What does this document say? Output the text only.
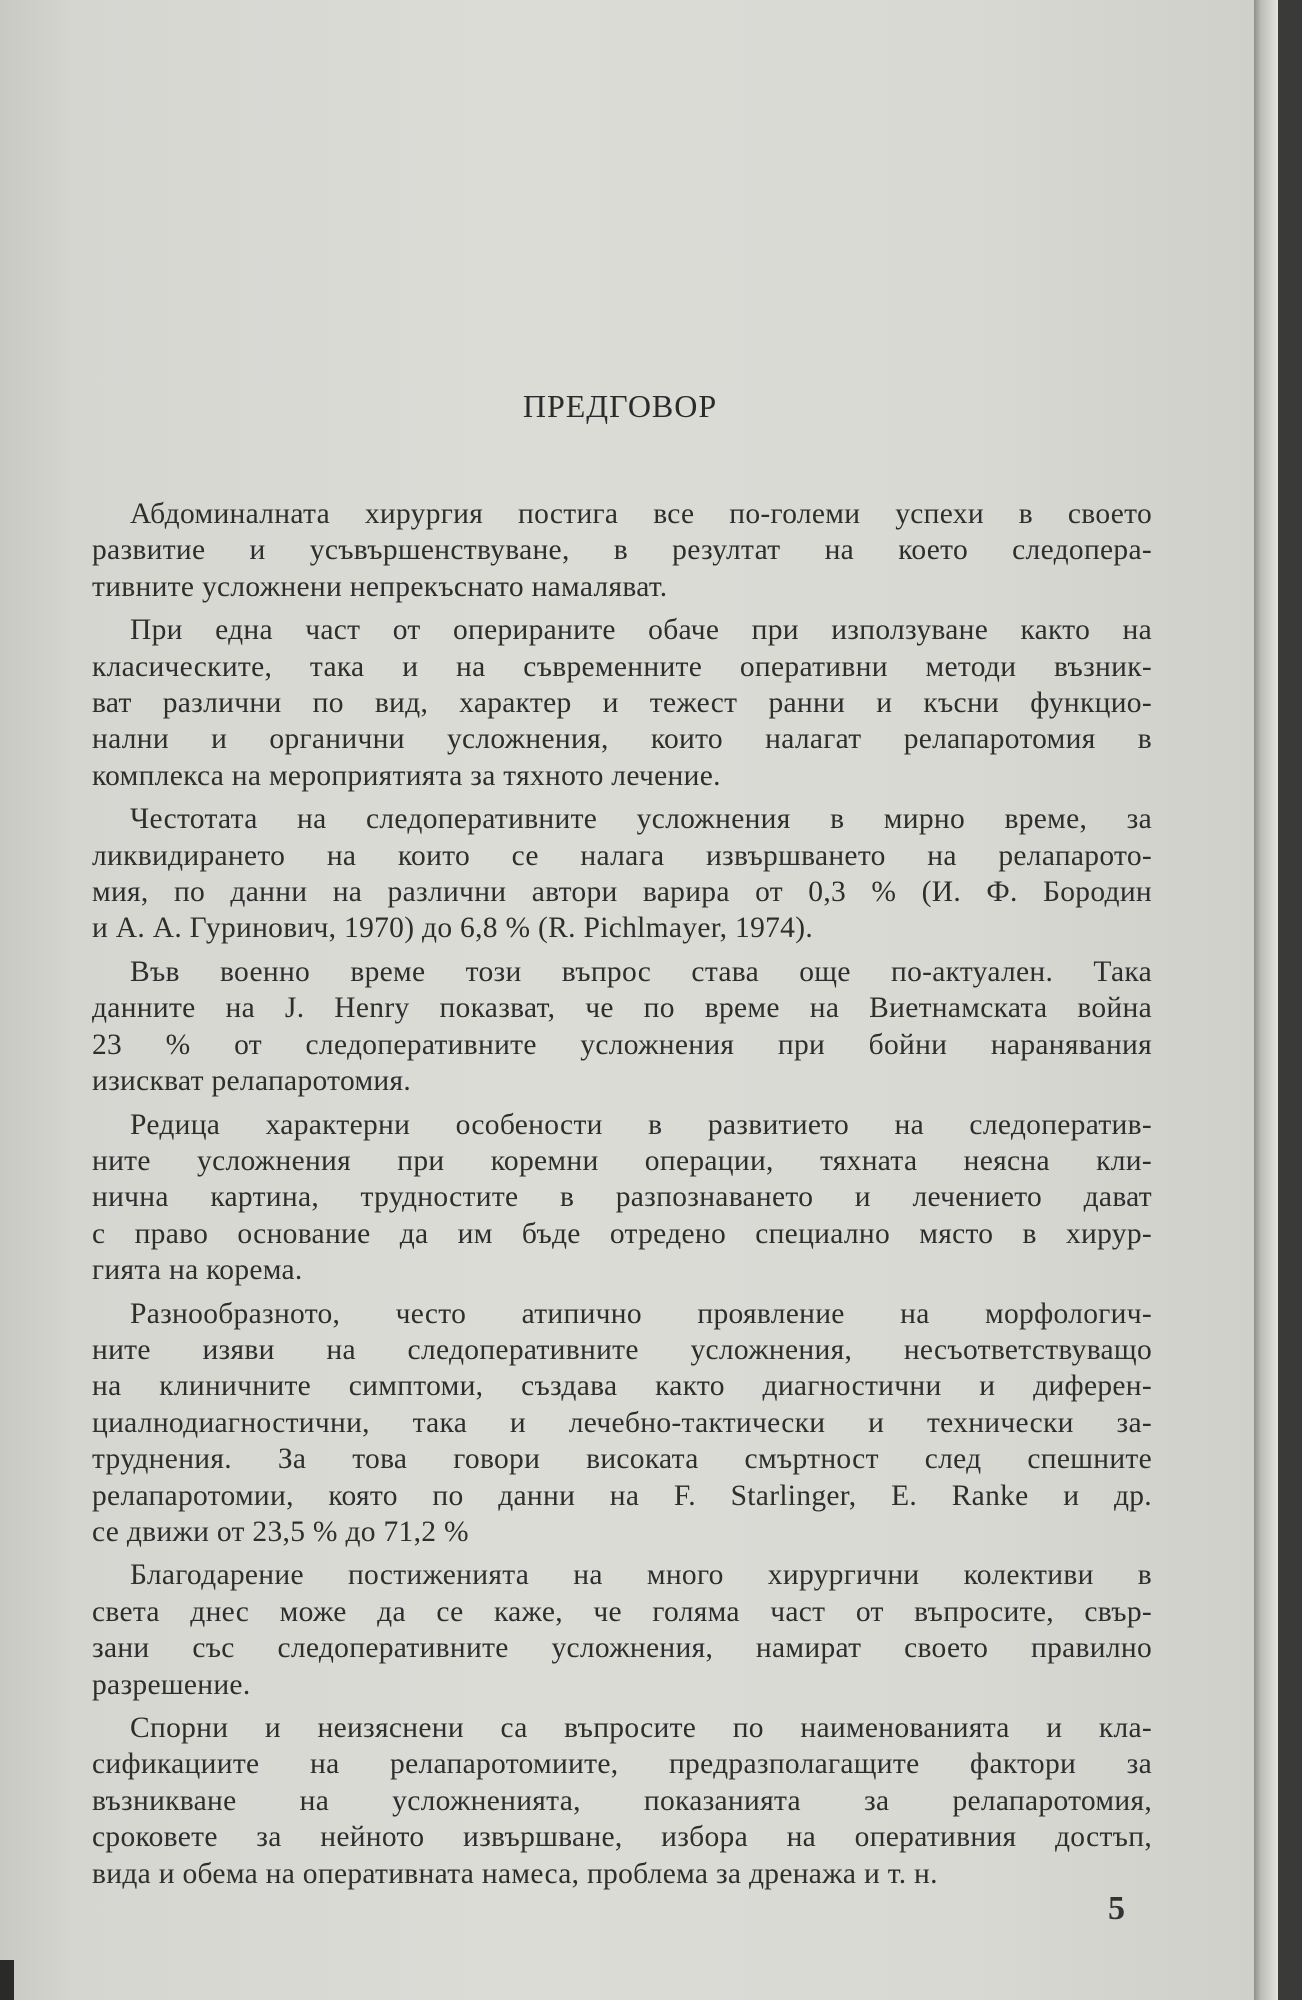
ПРЕДГОВОР
Абдоминалната хирургия постига все по-големи успехи в своето
развитие и усъвършенствуване, в резултат на което следопера-
тивните усложнени непрекъснато намаляват.
При една част от оперираните обаче при използуване както на
класическите, така и на съвременните оперативни методи възник-
ват различни по вид, характер и тежест ранни и късни функцио-
нални и органични усложнения, които налагат релапаротомия в
комплекса на мероприятията за тяхното лечение.
Честотата на следоперативните усложнения в мирно време, за
ликвидирането на които се налага извършването на релапарото-
мия, по данни на различни автори варира от 0,3 % (И. Ф. Бородин
и А. А. Гуринович, 1970) до 6,8 % (R. Pichlmayer, 1974).
Във военно време този въпрос става още по-актуален. Така
данните на J. Henry показват, че по време на Виетнамската война
23 % от следоперативните усложнения при бойни наранявания
изискват релапаротомия.
Редица характерни особености в развитието на следоператив-
ните усложнения при коремни операции, тяхната неясна кли-
нична картина, трудностите в разпознаването и лечението дават
с право основание да им бъде отредено специално място в хирур-
гията на корема.
Разнообразното, често атипично проявление на морфологич-
ните изяви на следоперативните усложнения, несъответствуващо
на клиничните симптоми, създава както диагностични и диферен-
циалнодиагностични, така и лечебно-тактически и технически за-
труднения. За това говори високата смъртност след спешните
релапаротомии, която по данни на F. Starlinger, E. Ranke и др.
се движи от 23,5 % до 71,2 %
Благодарение постиженията на много хирургични колективи в
света днес може да се каже, че голяма част от въпросите, свър-
зани със следоперативните усложнения, намират своето правилно
разрешение.
Спорни и неизяснени са въпросите по наименованията и кла-
сификациите на релапаротомиите, предразполагащите фактори за
възникване на усложненията, показанията за релапаротомия,
сроковете за нейното извършване, избора на оперативния достъп,
вида и обема на оперативната намеса, проблема за дренажа и т. н.
5
